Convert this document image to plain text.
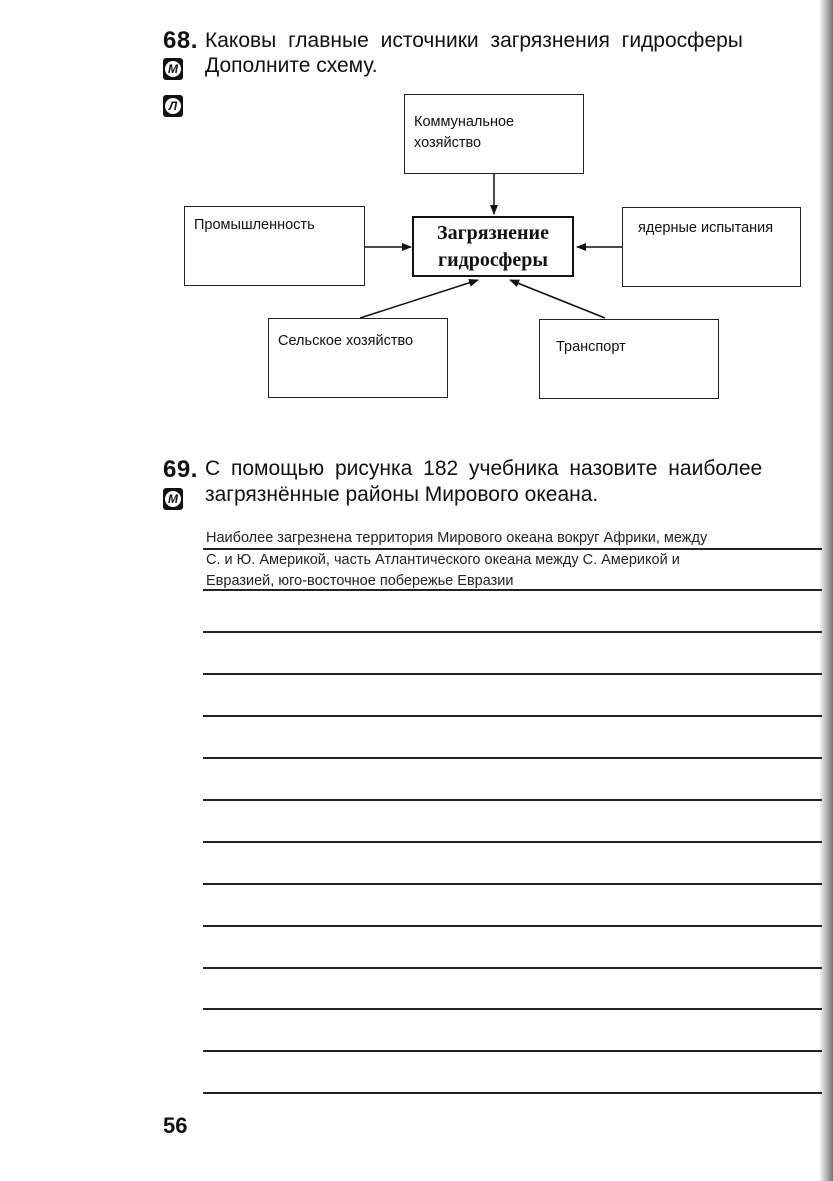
68. Каковы главные источники загрязнения гидросферы
Дополните схему.
М
Л
Коммунальное
хозяйство
Промышленность	ядерные испытания
Загрязнение
гидросферы
Сельское хозяйство	Транспорт
69. С помощью рисунка 182 учебника назовите наиболее
загрязнённые районы Мирового океана.
М
Наиболее загрезнена территория Мирового океана вокруг Африки, между
С. и Ю. Америкой, часть Атлантического океана между С. Америкой и
Евразией, юго-восточное побережье Евразии
56
